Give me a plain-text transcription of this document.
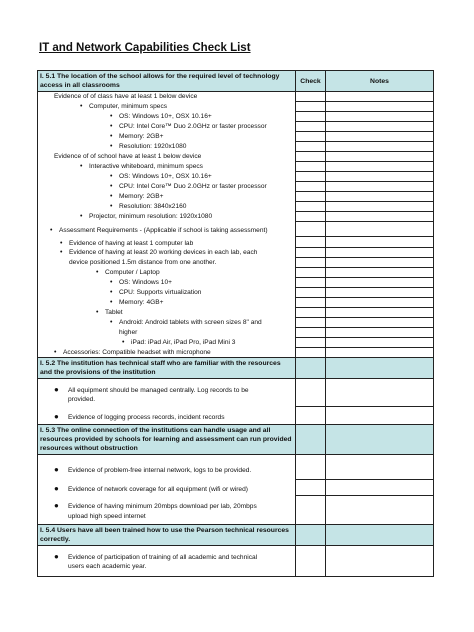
IT and Network Capabilities Check List
I. 5.1 The location of the school allows for the required level of technology access in all classrooms	Check	Notes

Evidence of of class have at least 1 below device		

• Computer, minimum specs

• OS: Windows 10+, OSX 10.16+

• CPU: Intel Core™ Duo 2.0GHz or faster processor

• Memory: 2GB+

• Resolution: 1920x1080

Evidence of of school have at least 1 below device		

• Interactive whiteboard, minimum specs

• OS: Windows 10+, OSX 10.16+

• CPU: Intel Core™ Duo 2.0GHz or faster processor

• Memory: 2GB+

• Resolution: 3840x2160

• Projector, minimum resolution: 1920x1080

• Assessment Requirements - (Applicable if school is taking assessment)

• Evidence of having at least 1 computer lab

• Evidence of having at least 20 working devices in each lab, each

device positioned 1.5m distance from one another.		

• Computer / Laptop

• OS: Windows 10+

• CPU: Supports virtualization

• Memory: 4GB+

• Tablet

• Android: Android tablets with screen sizes 8" and

higher		

• iPad: iPad Air, iPad Pro, iPad Mini 3

• Accessories: Compatible headset with microphone

I. 5.2 The institution has technical staff who are familiar with the resources and the provisions of the institution		

● All equipment should be managed centrally. Log records to be

provided.		

● Evidence of logging process records, incident records

I. 5.3 The online connection of the institutions can handle usage and all resources provided by schools for learning and assessment can run provided resources without obstruction		

● Evidence of problem-free internal network, logs to be provided.

● Evidence of network coverage for all equipment (wifi or wired)

● Evidence of having minimum 20mbps download per lab, 20mbps

upload high speed internet		

I. 5.4 Users have all been trained how to use the Pearson technical resources correctly.		

● Evidence of participation of training of all academic and technical

users each academic year.		
